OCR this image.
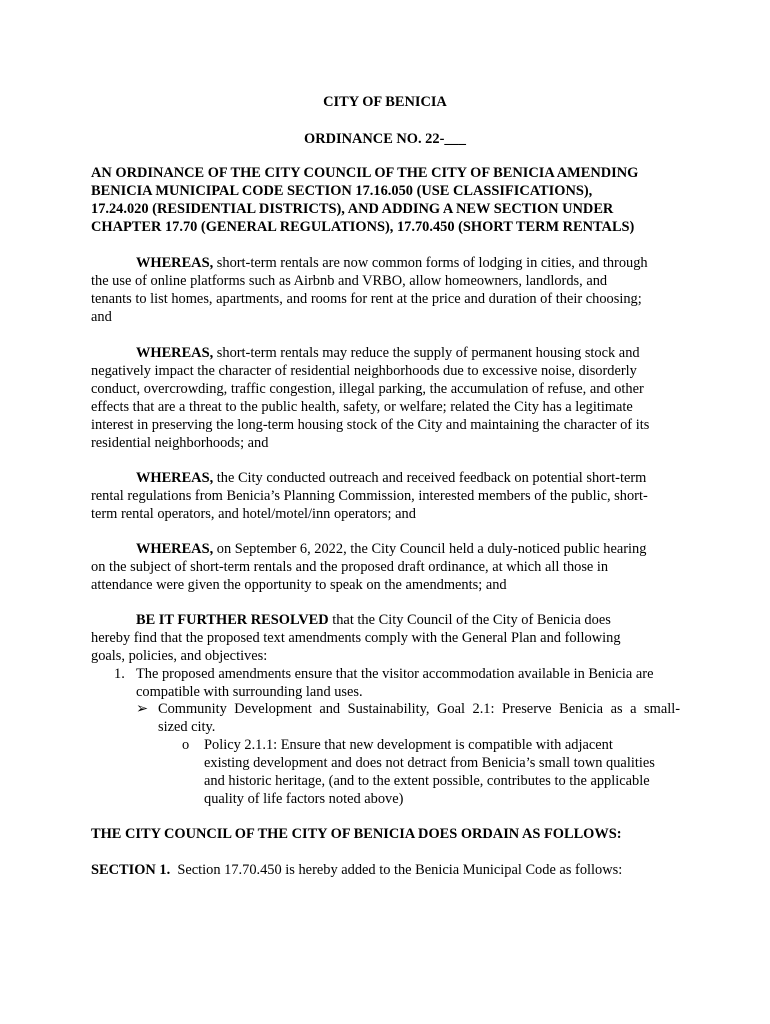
CITY OF BENICIA
ORDINANCE NO. 22-___
AN ORDINANCE OF THE CITY COUNCIL OF THE CITY OF BENICIA AMENDING
BENICIA MUNICIPAL CODE SECTION 17.16.050 (USE CLASSIFICATIONS),
17.24.020 (RESIDENTIAL DISTRICTS), AND ADDING A NEW SECTION UNDER
CHAPTER 17.70 (GENERAL REGULATIONS), 17.70.450 (SHORT TERM RENTALS)
WHEREAS, short-term rentals are now common forms of lodging in cities, and through
the use of online platforms such as Airbnb and VRBO, allow homeowners, landlords, and
tenants to list homes, apartments, and rooms for rent at the price and duration of their choosing;
and
WHEREAS, short-term rentals may reduce the supply of permanent housing stock and
negatively impact the character of residential neighborhoods due to excessive noise, disorderly
conduct, overcrowding, traffic congestion, illegal parking, the accumulation of refuse, and other
effects that are a threat to the public health, safety, or welfare; related the City has a legitimate
interest in preserving the long-term housing stock of the City and maintaining the character of its
residential neighborhoods; and
WHEREAS, the City conducted outreach and received feedback on potential short-term
rental regulations from Benicia’s Planning Commission, interested members of the public, short-
term rental operators, and hotel/motel/inn operators; and
WHEREAS, on September 6, 2022, the City Council held a duly-noticed public hearing
on the subject of short-term rentals and the proposed draft ordinance, at which all those in
attendance were given the opportunity to speak on the amendments; and
BE IT FURTHER RESOLVED that the City Council of the City of Benicia does
hereby find that the proposed text amendments comply with the General Plan and following
goals, policies, and objectives:
1. The proposed amendments ensure that the visitor accommodation available in Benicia are
compatible with surrounding land uses.
➢ Community Development and Sustainability, Goal 2.1: Preserve Benicia as a small-
sized city.
o Policy 2.1.1: Ensure that new development is compatible with adjacent
existing development and does not detract from Benicia’s small town qualities
and historic heritage, (and to the extent possible, contributes to the applicable
quality of life factors noted above)
THE CITY COUNCIL OF THE CITY OF BENICIA DOES ORDAIN AS FOLLOWS:
SECTION 1.  Section 17.70.450 is hereby added to the Benicia Municipal Code as follows:
